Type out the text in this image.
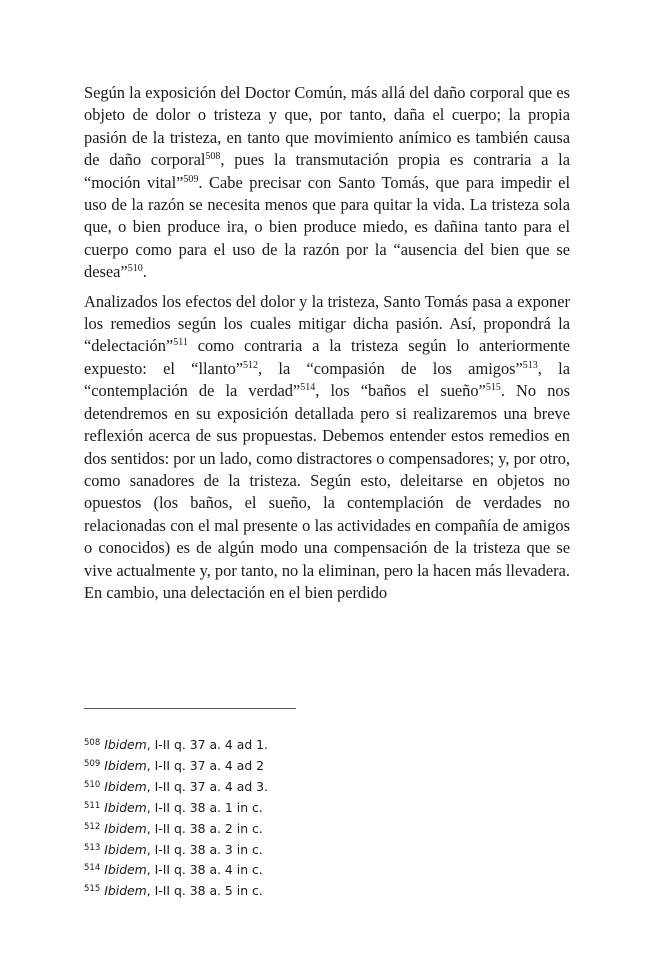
Según la exposición del Doctor Común, más allá del daño corporal que es objeto de dolor o tristeza y que, por tanto, daña el cuerpo; la propia pasión de la tristeza, en tanto que movimiento anímico es también causa de daño corporal$^{508}$, pues la transmutación propia es contraria a la “moción vital”$^{509}$. Cabe precisar con Santo Tomás, que para impedir el uso de la razón se necesita menos que para quitar la vida. La tristeza sola que, o bien produce ira, o bien produce miedo, es dañina tanto para el cuerpo como para el uso de la razón por la “ausencia del bien que se desea”$^{510}$.

Analizados los efectos del dolor y la tristeza, Santo Tomás pasa a exponer los remedios según los cuales mitigar dicha pasión. Así, propondrá la “delectación”$^{511}$ como contraria a la tristeza según lo anteriormente expuesto: el “llanto”$^{512}$, la “compasión de los amigos”$^{513}$, la “contemplación de la verdad”$^{514}$, los “baños el sueño”$^{515}$. No nos detendremos en su exposición detallada pero si realizaremos una breve reflexión acerca de sus propuestas. Debemos entender estos remedios en dos sentidos: por un lado, como distractores o compensadores; y, por otro, como sanadores de la tristeza. Según esto, deleitarse en objetos no opuestos (los baños, el sueño, la contemplación de verdades no relacionadas con el mal presente o las actividades en compañía de amigos o conocidos) es de algún modo una compensación de la tristeza que se vive actualmente y, por tanto, no la eliminan, pero la hacen más llevadera. En cambio, una delectación en el bien perdido

$^{508}$ Ibidem, I-II q. 37 a. 4 ad 1.
$^{509}$ Ibidem, I-II q. 37 a. 4 ad 2
$^{510}$ Ibidem, I-II q. 37 a. 4 ad 3.
$^{511}$ Ibidem, I-II q. 38 a. 1 in c.
$^{512}$ Ibidem, I-II q. 38 a. 2 in c.
$^{513}$ Ibidem, I-II q. 38 a. 3 in c.
$^{514}$ Ibidem, I-II q. 38 a. 4 in c.
$^{515}$ Ibidem, I-II q. 38 a. 5 in c.
